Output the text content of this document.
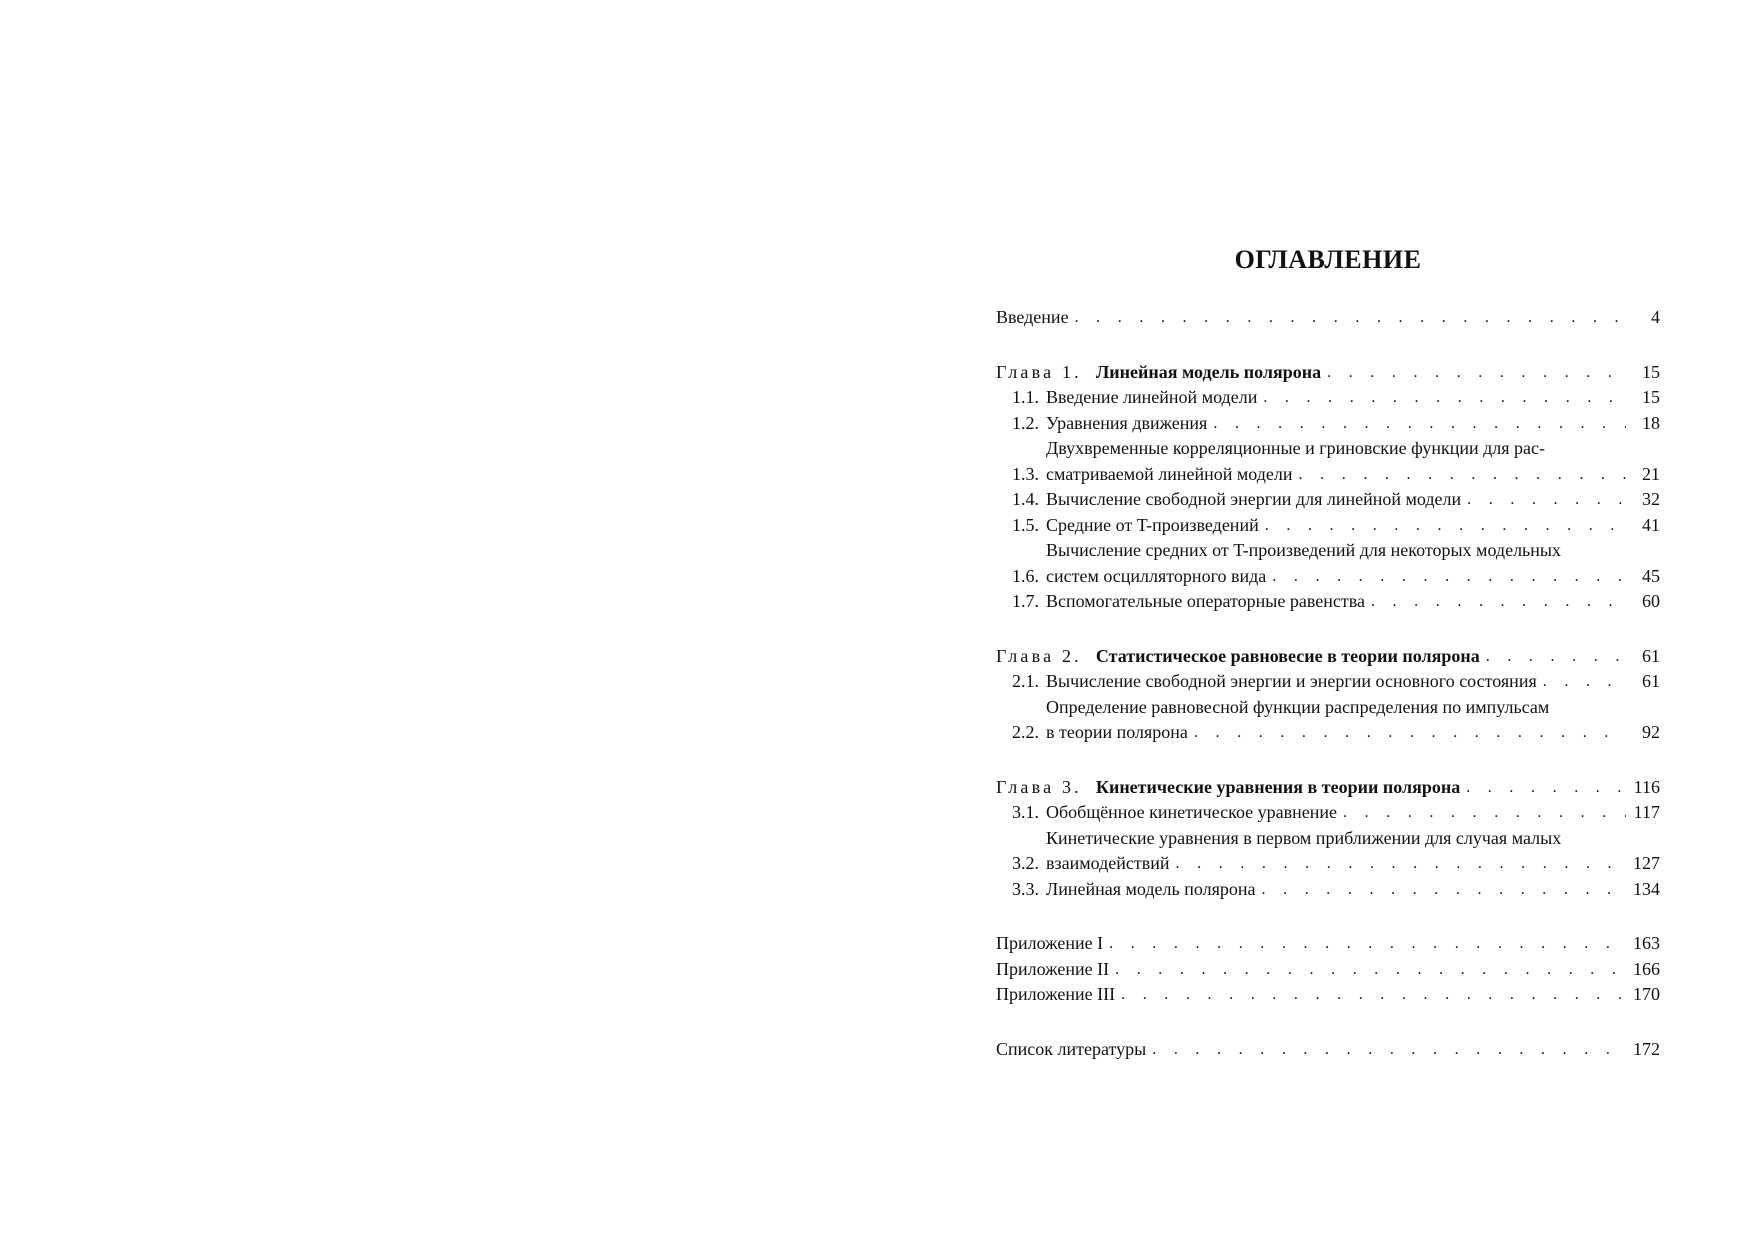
ОГЛАВЛЕНИЕ
Введение . . .	4
Глава 1. Линейная модель полярона . . .	15
1.1. Введение линейной модели . . .	15
1.2. Уравнения движения . . .	18
1.3.
Двухвременные корреляционные и гриновские функции для рас-
сматриваемой линейной модели . . .	21
1.4. Вычисление свободной энергии для линейной модели . . .	32
1.5. Средние от T-произведений . . .	41
1.6.
Вычисление средних от T-произведений для некоторых модельных
систем осцилляторного вида . . .	45
1.7. Вспомогательные операторные равенства . . .	60
Глава 2. Статистическое равновесие в теории полярона . . .	61
2.1. Вычисление свободной энергии и энергии основного состояния . . .	61
2.2.
Определение равновесной функции распределения по импульсам
в теории полярона . . .	92
Глава 3. Кинетические уравнения в теории полярона . . .	116
3.1. Обобщённое кинетическое уравнение . . .	117
3.2.
Кинетические уравнения в первом приближении для случая малых
взаимодействий . . .	127
3.3. Линейная модель полярона . . .	134
Приложение I . . .	163
Приложение II . . .	166
Приложение III . . .	170
Список литературы . . .	172
